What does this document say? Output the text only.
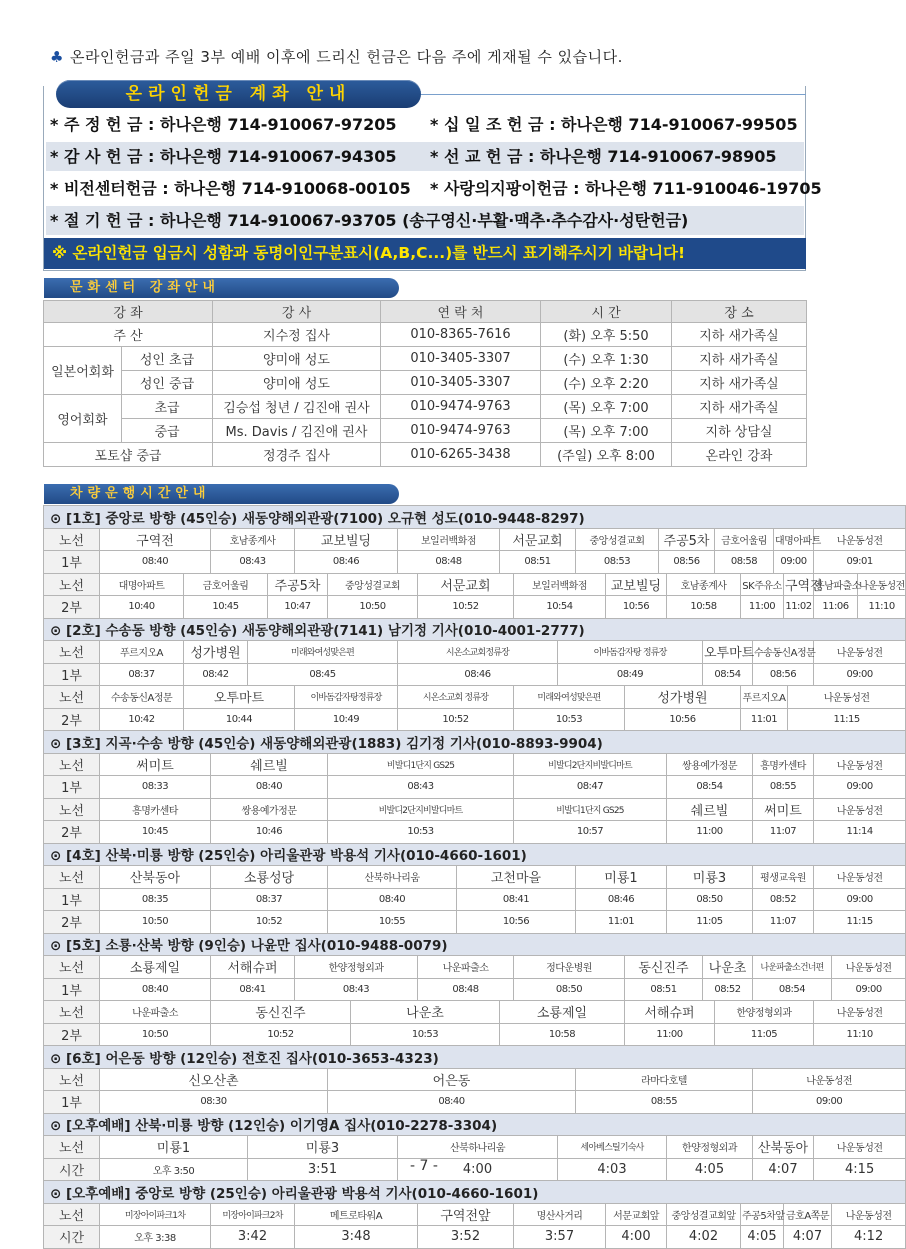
♣ 온라인헌금과 주일 3부 예배 이후에 드리신 헌금은 다음 주에 게재될 수 있습니다.
온라인헌금 계좌 안내
* 주 정 헌 금 : 하나은행 714-910067-97205 * 십 일 조 헌 금 : 하나은행 714-910067-99505
* 감 사 헌 금 : 하나은행 714-910067-94305 * 선 교 헌 금 : 하나은행 714-910067-98905
* 비전센터헌금 : 하나은행 714-910068-00105 * 사랑의지팡이헌금 : 하나은행 711-910046-19705
* 절 기 헌 금 : 하나은행 714-910067-93705 (송구영신·부활·맥추·추수감사·성탄헌금)
※ 온라인헌금 입금시 성함과 동명이인구분표시(A,B,C...)를 반드시 표기해주시기 바랍니다!
문화센터 강좌안내
강 좌		강 사	연 락 처	시 간	장 소
주 산		지수정 집사	010-8365-7616	(화) 오후 5:50	지하 새가족실
일본어회화	성인 초급	양미애 성도	010-3405-3307	(수) 오후 1:30	지하 새가족실
	성인 중급	양미애 성도	010-3405-3307	(수) 오후 2:20	지하 새가족실
영어회화	초급	김승섭 청년 / 김진애 권사	010-9474-9763	(목) 오후 7:00	지하 새가족실
	중급	Ms. Davis / 김진애 권사	010-9474-9763	(목) 오후 7:00	지하 상담실
포토샵 중급		정경주 집사	010-6265-3438	(주일) 오후 8:00	온라인 강좌
차량운행시간안내
⊙ [1호] 중앙로 방향 (45인승) 새동양해외관광(7100) 오규현 성도(010-9448-8297)																													
노선	구역전		호남종계사			교보빌딩			보일러백화점			서문교회			중앙성결교회			주공5차			금호어울림			대명아파트			나운동성전		
1부	08:40		08:43			08:46			08:48			08:51			08:53			08:56			08:58			09:00			09:01		
노선	대명아파트	금호어울림			주공5차		중앙성결교회			서문교회			보일러백화점			교보빌딩			호남종계사			SK주유소			구역전		흥남파출소		나운동성전
2부	10:40	10:45			10:47		10:50			10:52			10:54			10:56			10:58			11:00			11:02		11:06		11:10
⊙ [2호] 수송동 방향 (45인승) 새동양해외관광(7141) 남기정 기사(010-4001-2777)																													
노선	푸르지오A	성가병원		미래와여성맞은편					시온소교회정류장					이바돔감자탕 정류장						오투마트			수송동신A정문				나운동성전		
1부	08:37	08:42		08:45					08:46					08:49						08:54			08:56				09:00		
노선	수송동신A정문	오투마트				이바돔감자탕정류장			시온소교회 정류장				미래와여성맞은편				성가병원					푸르지오A				나운동성전			
2부	10:42	10:44				10:49			10:52				10:53				10:56					11:01				11:15			
⊙ [3호] 지곡·수송 방향 (45인승) 새동양해외관광(1883) 김기정 기사(010-8893-9904)																													
노선	써미트		쉐르빌				비발디1단지 GS25						비발디2단지비발디마트						쌍용예가정문				흥명카센타				나운동성전		
1부	08:33		08:40				08:43						08:47						08:54				08:55				09:00		
노선	흥명카센타		쌍용예가정문				비발디2단지비발디마트						비발디1단지 GS25						쉐르빌				써미트				나운동성전		
2부	10:45		10:46				10:53						10:57						11:00				11:07				11:14		
⊙ [4호] 산북·미룡 방향 (25인승) 아리울관광 박용석 기사(010-4660-1601)																													
노선	산북동아		소룡성당				산북하나리움				고천마을				미룡1				미룡3				평생교육원				나운동성전		
1부	08:35		08:37				08:40				08:41				08:46				08:50				08:52				09:00		
2부	10:50		10:52				10:55				10:56				11:01				11:05				11:07				11:15		
⊙ [5호] 소룡·산북 방향 (9인승) 나윤만 집사(010-9488-0079)																													
노선	소룡제일		서해슈퍼			한양정형외과				나운파출소			정다운병원				동신진주			나운초			나운파출소건너편					나운동성전	
1부	08:40		08:41			08:43				08:48			08:50				08:51			08:52			08:54					09:00	
노선	나운파출소		동신진주					나운초				소룡제일					서해슈퍼				한양정형외과						나운동성전		
2부	10:50		10:52					10:53				10:58					11:00				11:05						11:10		
⊙ [6호] 어은동 방향 (12인승) 전호진 집사(010-3653-4323)																													
노선	신오산촌						어은동								라마다호텔								나운동성전						
1부	08:30						08:40								08:55								09:00						
⊙ [오후예배] 산북·미룡 방향 (12인승) 이기영A 집사(010-2278-3304)																													
노선	미룡1			미룡3					산북하나리움					세아베스틸기숙사					한양정형외과				산북동아				나운동성전		
시간	오후 3:50			3:51					4:00					4:03					4:05				4:07				4:15		
⊙ [오후예배] 중앙로 방향 (25인승) 아리울관광 박용석 기사(010-4660-1601)																													
노선	미장아이파크1차		미장아이파크2차			메트로타워A				구역전앞			명산사거리			서문교회앞			중앙성결교회앞			주공5차앞			금호A쪽문			나운동성전	
시간	오후 3:38		3:42			3:48				3:52			3:57			4:00			4:02			4:05			4:07			4:12	
- 7 -
